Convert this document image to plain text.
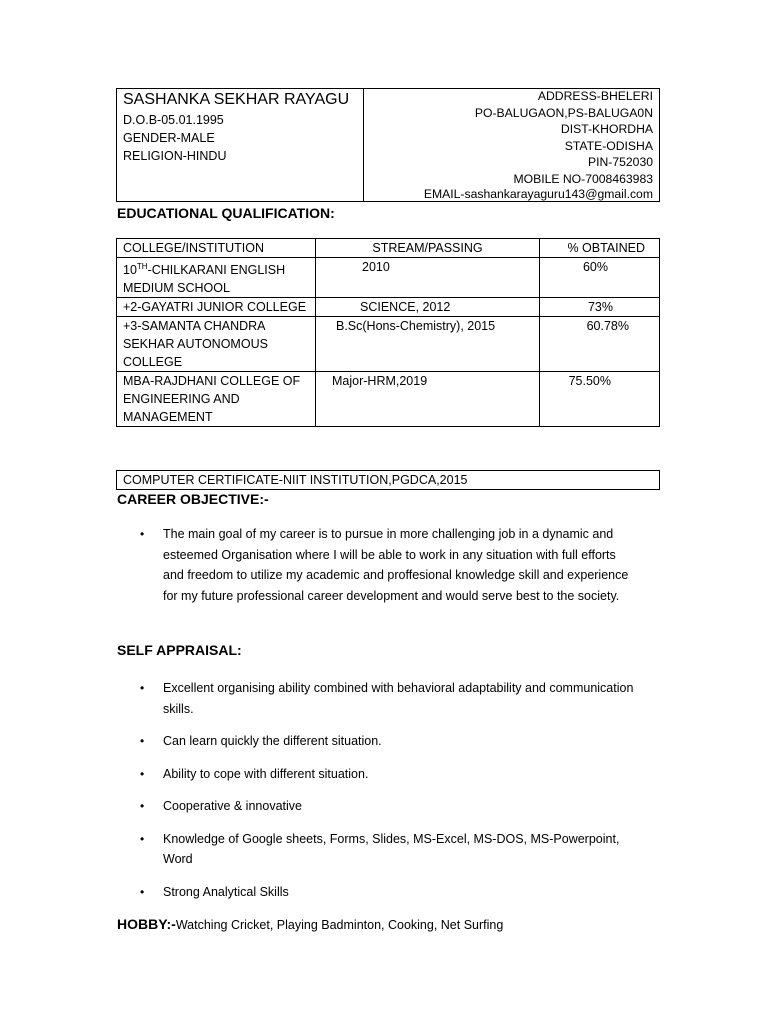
SASHANKA SEKHAR RAYAGU
D.O.B-05.01.1995
GENDER-MALE
RELIGION-HINDU
ADDRESS-BHELERI
PO-BALUGAON,PS-BALUGA0N
DIST-KHORDHA
STATE-ODISHA
PIN-752030
MOBILE NO-7008463983
EMAIL-sashankarayaguru143@gmail.com
EDUCATIONAL QUALIFICATION:
COLLEGE/INSTITUTION	STREAM/PASSING	% OBTAINED
10TH-CHILKARANI ENGLISH MEDIUM SCHOOL	2010	60%
+2-GAYATRI JUNIOR COLLEGE	SCIENCE, 2012	73%
+3-SAMANTA CHANDRA SEKHAR AUTONOMOUS COLLEGE	B.Sc(Hons-Chemistry), 2015	60.78%
MBA-RAJDHANI COLLEGE OF ENGINEERING AND MANAGEMENT	Major-HRM,2019	75.50%
COMPUTER CERTIFICATE-NIIT INSTITUTION,PGDCA,2015
CAREER OBJECTIVE:-
• The main goal of my career is to pursue in more challenging job in a dynamic and esteemed Organisation where I will be able to work in any situation with full efforts and freedom to utilize my academic and proffesional knowledge skill and experience for my future professional career development and would serve best to the society.
SELF APPRAISAL:
• Excellent organising ability combined with behavioral adaptability and communication skills.
• Can learn quickly the different situation.
• Ability to cope with different situation.
• Cooperative & innovative
• Knowledge of Google sheets, Forms, Slides, MS-Excel, MS-DOS, MS-Powerpoint, Word
• Strong Analytical Skills
HOBBY:-Watching Cricket, Playing Badminton, Cooking, Net Surfing
